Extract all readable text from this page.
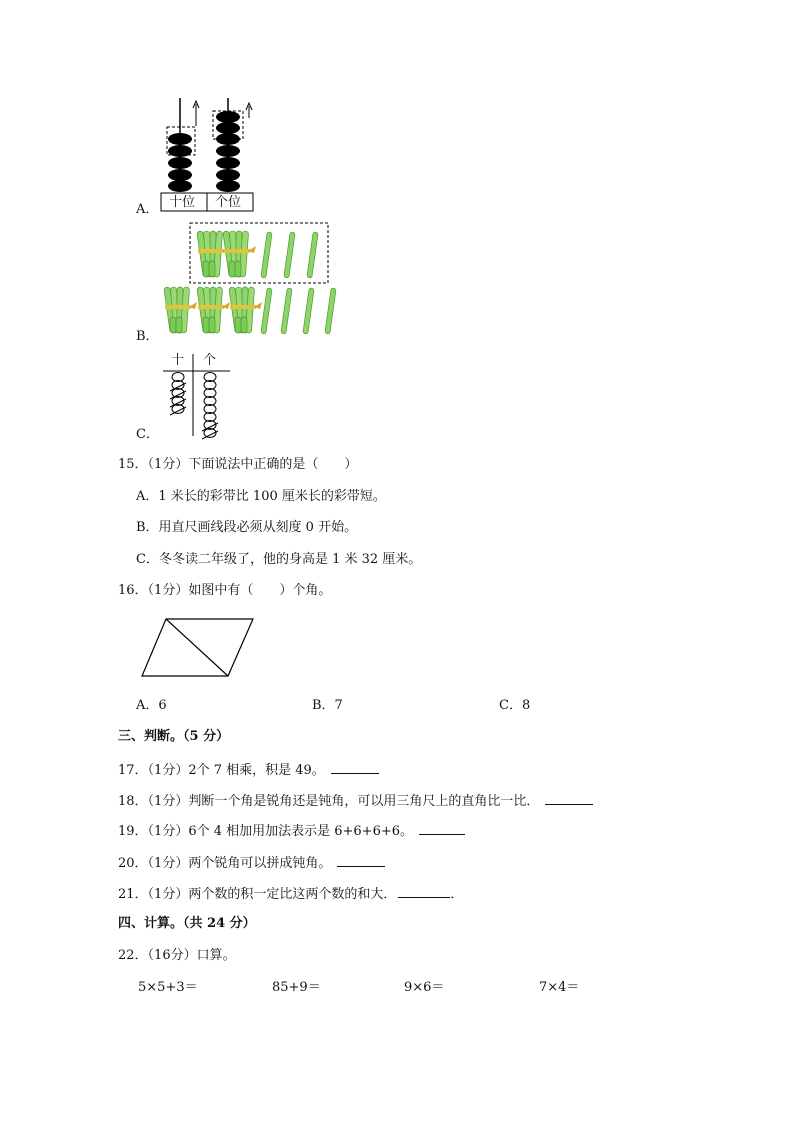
十位 个位
A．
B．
十 个
C．
15．（1分）下面说法中正确的是（　　）
A．1 米长的彩带比 100 厘米长的彩带短。
B．用直尺画线段必须从刻度 0 开始。
C．冬冬读二年级了，他的身高是 1 米 32 厘米。
16．（1分）如图中有（　　）个角。
A．6	B．7	C．8
三、判断。（5 分）
17．（1分）2个 7 相乘，积是 49。
18．（1分）判断一个角是锐角还是钝角，可以用三角尺上的直角比一比．
19．（1分）6个 4 相加用加法表示是 6+6+6+6。
20．（1分）两个锐角可以拼成钝角。
21．（1分）两个数的积一定比这两个数的和大．	．
四、计算。（共 24 分）
22．（16分）口算。
5×5+3＝	85+9＝	9×6＝	7×4＝
